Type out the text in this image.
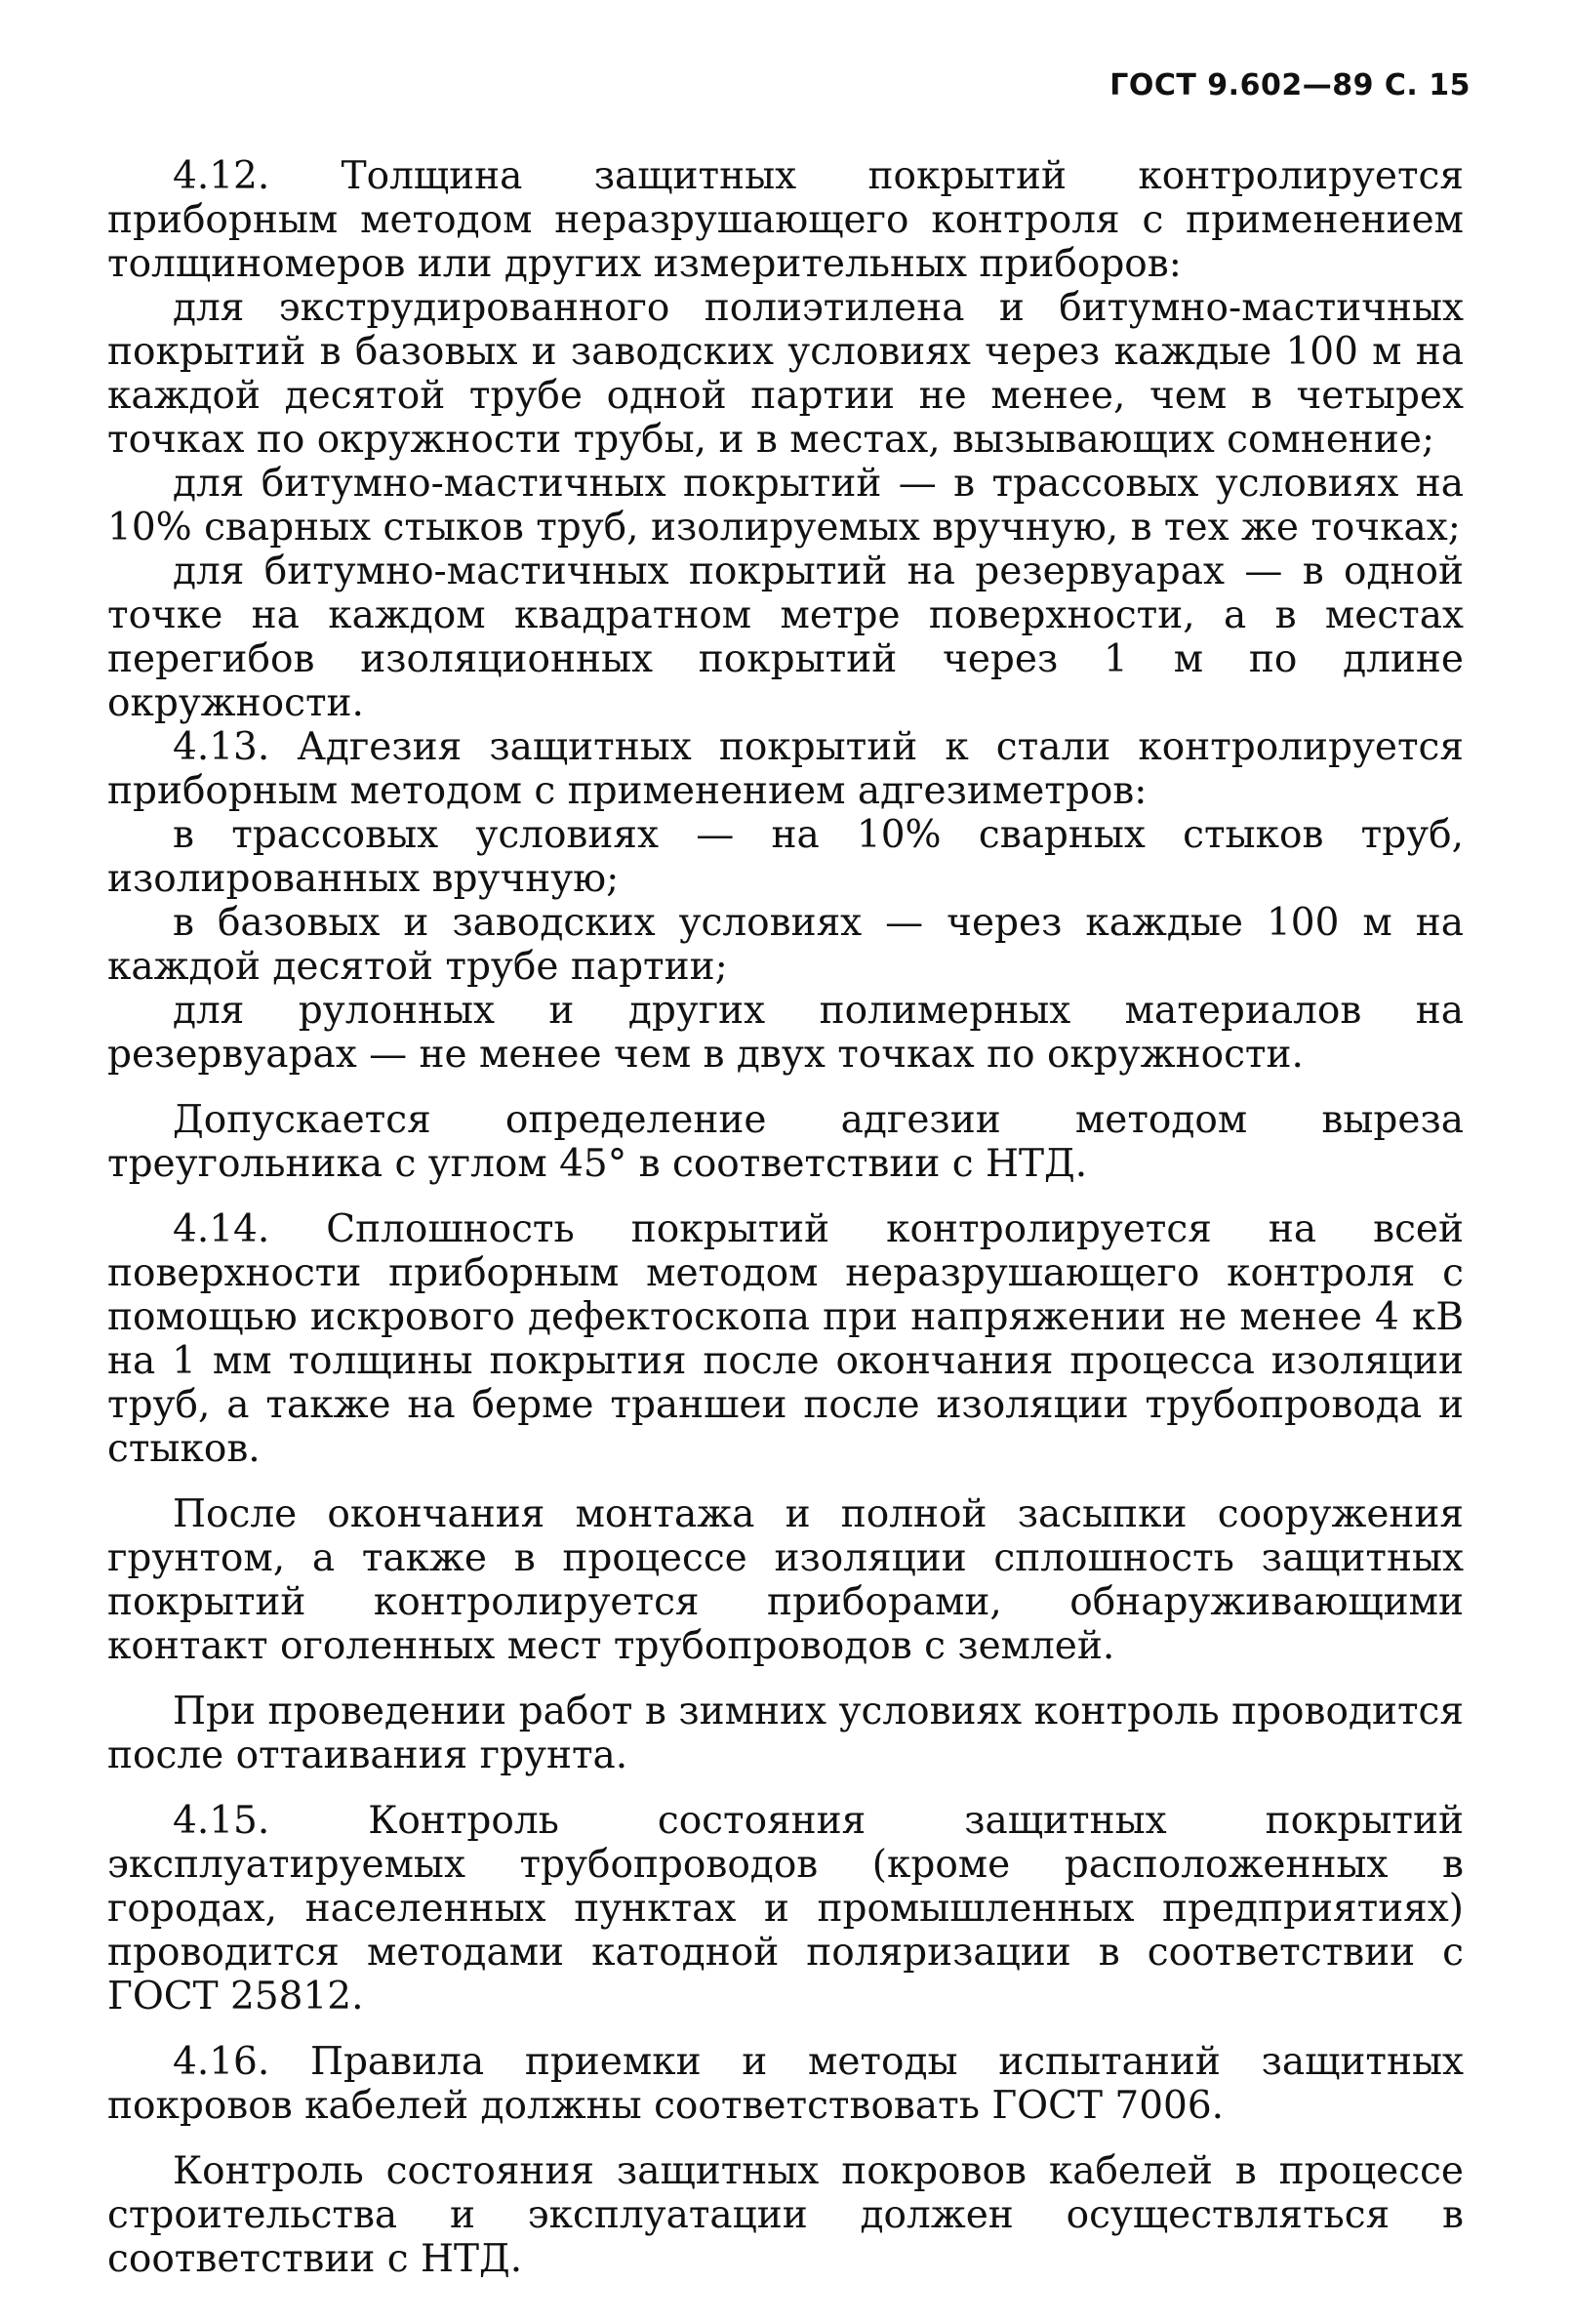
ГОСТ 9.602—89 С. 15

4.12. Толщина защитных покрытий контролируется приборным методом неразрушающего контроля с применением толщиномеров или других измерительных приборов:

для экструдированного полиэтилена и битумно-мастичных покрытий в базовых и заводских условиях через каждые 100 м на каждой десятой трубе одной партии не менее, чем в четырех точках по окружности трубы, и в местах, вызывающих сомнение;

для битумно-мастичных покрытий — в трассовых условиях на 10% сварных стыков труб, изолируемых вручную, в тех же точках;

для битумно-мастичных покрытий на резервуарах — в одной точке на каждом квадратном метре поверхности, а в местах перегибов изоляционных покрытий через 1 м по длине окружности.

4.13. Адгезия защитных покрытий к стали контролируется приборным методом с применением адгезиметров:

в трассовых условиях — на 10% сварных стыков труб, изолированных вручную;

в базовых и заводских условиях — через каждые 100 м на каждой десятой трубе партии;

для рулонных и других полимерных материалов на резервуарах — не менее чем в двух точках по окружности.

Допускается определение адгезии методом выреза треугольника с углом 45° в соответствии с НТД.

4.14. Сплошность покрытий контролируется на всей поверхности приборным методом неразрушающего контроля с помощью искрового дефектоскопа при напряжении не менее 4 кВ на 1 мм толщины покрытия после окончания процесса изоляции труб, а также на берме траншеи после изоляции трубопровода и стыков.

После окончания монтажа и полной засыпки сооружения грунтом, а также в процессе изоляции сплошность защитных покрытий контролируется приборами, обнаруживающими контакт оголенных мест трубопроводов с землей.

При проведении работ в зимних условиях контроль проводится после оттаивания грунта.

4.15. Контроль состояния защитных покрытий эксплуатируемых трубопроводов (кроме расположенных в городах, населенных пунктах и промышленных предприятиях) проводится методами катодной поляризации в соответствии с ГОСТ 25812.

4.16. Правила приемки и методы испытаний защитных покровов кабелей должны соответствовать ГОСТ 7006.

Контроль состояния защитных покровов кабелей в процессе строительства и эксплуатации должен осуществляться в соответствии с НТД.
